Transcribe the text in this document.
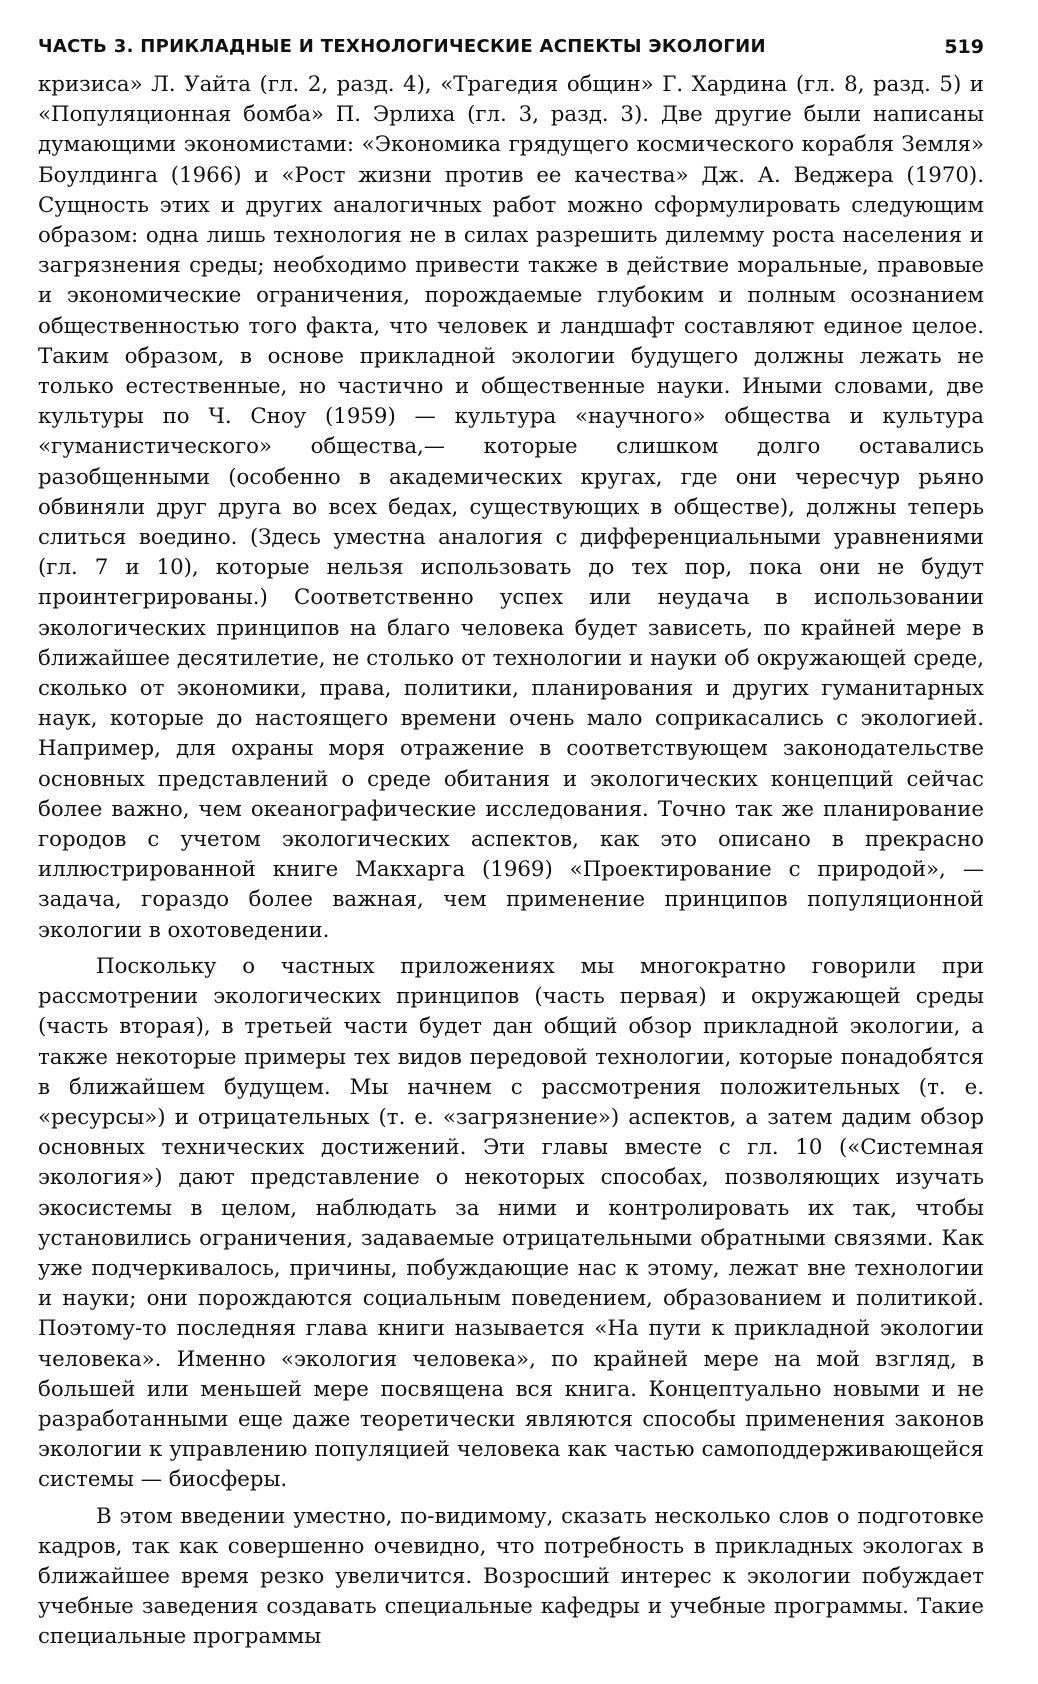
ЧАСТЬ 3. ПРИКЛАДНЫЕ И ТЕХНОЛОГИЧЕСКИЕ АСПЕКТЫ ЭКОЛОГИИ	519

кризиса» Л. Уайта (гл. 2, разд. 4), «Трагедия общин» Г. Хардина (гл. 8, разд. 5) и «Популяционная бомба» П. Эрлиха (гл. 3, разд. 3). Две другие были написаны думающими экономистами: «Экономика грядущего космического корабля Земля» Боулдинга (1966) и «Рост жизни против ее качества» Дж. А. Веджера (1970). Сущность этих и других аналогичных работ можно сформулировать следующим образом: одна лишь технология не в силах разрешить дилемму роста населения и загрязнения среды; необходимо привести также в действие моральные, правовые и экономические ограничения, порождаемые глубоким и полным осознанием общественностью того факта, что человек и ландшафт составляют единое целое. Таким образом, в основе прикладной экологии будущего должны лежать не только естественные, но частично и общественные науки. Иными словами, две культуры по Ч. Сноу (1959) — культура «научного» общества и культура «гуманистического» общества,— которые слишком долго оставались разобщенными (особенно в академических кругах, где они чересчур рьяно обвиняли друг друга во всех бедах, существующих в обществе), должны теперь слиться воедино. (Здесь уместна аналогия с дифференциальными уравнениями (гл. 7 и 10), которые нельзя использовать до тех пор, пока они не будут проинтегрированы.) Соответственно успех или неудача в использовании экологических принципов на благо человека будет зависеть, по крайней мере в ближайшее десятилетие, не столько от технологии и науки об окружающей среде, сколько от экономики, права, политики, планирования и других гуманитарных наук, которые до настоящего времени очень мало соприкасались с экологией. Например, для охраны моря отражение в соответствующем законодательстве основных представлений о среде обитания и экологических концепций сейчас более важно, чем океанографические исследования. Точно так же планирование городов с учетом экологических аспектов, как это описано в прекрасно иллюстрированной книге Макхарга (1969) «Проектирование с природой», — задача, гораздо более важная, чем применение принципов популяционной экологии в охотоведении.

Поскольку о частных приложениях мы многократно говорили при рассмотрении экологических принципов (часть первая) и окружающей среды (часть вторая), в третьей части будет дан общий обзор прикладной экологии, а также некоторые примеры тех видов передовой технологии, которые понадобятся в ближайшем будущем. Мы начнем с рассмотрения положительных (т. е. «ресурсы») и отрицательных (т. е. «загрязнение») аспектов, а затем дадим обзор основных технических достижений. Эти главы вместе с гл. 10 («Системная экология») дают представление о некоторых способах, позволяющих изучать экосистемы в целом, наблюдать за ними и контролировать их так, чтобы установились ограничения, задаваемые отрицательными обратными связями. Как уже подчеркивалось, причины, побуждающие нас к этому, лежат вне технологии и науки; они порождаются социальным поведением, образованием и политикой. Поэтому-то последняя глава книги называется «На пути к прикладной экологии человека». Именно «экология человека», по крайней мере на мой взгляд, в большей или меньшей мере посвящена вся книга. Концептуально новыми и не разработанными еще даже теоретически являются способы применения законов экологии к управлению популяцией человека как частью самоподдерживающейся системы — биосферы.

В этом введении уместно, по-видимому, сказать несколько слов о подготовке кадров, так как совершенно очевидно, что потребность в прикладных экологах в ближайшее время резко увеличится. Возросший интерес к экологии побуждает учебные заведения создавать специальные кафедры и учебные программы. Такие специальные программы
